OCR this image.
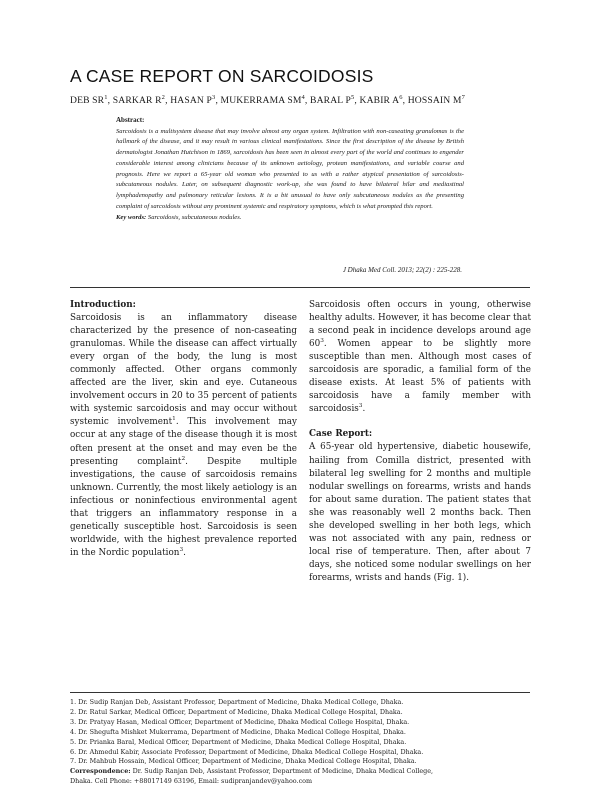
A CASE REPORT ON SARCOIDOSIS
DEB $SR^1$, SARKAR $R^2$, HASAN $P^3$, MUKERRAMA $SM^4$, BARAL $P^5$, KABIR $A^6$, HOSSAIN $M^7$
Abstract:
Sarcoidosis is a multisystem disease that may involve almost any organ system. Infiltration with non-caseating granulomas is the hallmark of the disease, and it may result in various clinical manifestations. Since the first description of the disease by British dermatologist Jonathan Hutchison in 1869, sarcoidosis has been seen in almost every part of the world and continues to engender considerable interest among clinicians because of its unknown aetiology, protean manifestations, and variable course and prognosis. Here we report a 65-year old woman who presented to us with a rather atypical presentation of sarcoidosis- subcutaneous nodules. Later, on subsequent diagnostic work-up, she was found to have bilateral hilar and mediastinal lymphadenopathy and pulmonary reticular lesions. It is a bit unusual to have only subcutaneous nodules as the presenting complaint of sarcoidosis without any prominent systemic and respiratory symptoms, which is what prompted this report.
Key words: Sarcoidosis, subcutaneous nodules.
J Dhaka Med Coll. 2013; 22(2) : 225-228.
Introduction:

Sarcoidosis is an inflammatory disease characterized by the presence of non-caseating granulomas. While the disease can affect virtually every organ of the body, the lung is most commonly affected. Other organs commonly affected are the liver, skin and eye. Cutaneous involvement occurs in 20 to 35 percent of patients with systemic sarcoidosis and may occur without systemic involvement$^1$. This involvement may occur at any stage of the disease though it is most often present at the onset and may even be the presenting complaint$^2$. Despite multiple investigations, the cause of sarcoidosis remains unknown. Currently, the most likely aetiology is an infectious or noninfectious environmental agent that triggers an inflammatory response in a genetically susceptible host. Sarcoidosis is seen worldwide, with the highest prevalence reported in the Nordic population$^3$.

Sarcoidosis often occurs in young, otherwise healthy adults. However, it has become clear that a second peak in incidence develops around age $60^3$. Women appear to be slightly more susceptible than men. Although most cases of sarcoidosis are sporadic, a familial form of the disease exists. At least 5% of patients with sarcoidosis have a family member with sarcoidosis$^3$.

Case Report:

A 65-year old hypertensive, diabetic housewife, hailing from Comilla district, presented with bilateral leg swelling for 2 months and multiple nodular swellings on forearms, wrists and hands for about same duration. The patient states that she was reasonably well 2 months back. Then she developed swelling in her both legs, which was not associated with any pain, redness or local rise of temperature. Then, after about 7 days, she noticed some nodular swellings on her forearms, wrists and hands (Fig. 1).

1. Dr. Sudip Ranjan Deb, Assistant Professor, Department of Medicine, Dhaka Medical College, Dhaka.
2. Dr. Ratul Sarkar, Medical Officer, Department of Medicine, Dhaka Medical College Hospital, Dhaka.
3. Dr. Pratyay Hasan, Medical Officer, Department of Medicine, Dhaka Medical College Hospital, Dhaka.
4. Dr. Shegufta Mishket Mukerrama, Department of Medicine, Dhaka Medical College Hospital, Dhaka.
5. Dr. Prianka Baral, Medical Officer, Department of Medicine, Dhaka Medical College Hospital, Dhaka.
6. Dr. Ahmedul Kabir, Associate Professor, Department of Medicine, Dhaka Medical College Hospital, Dhaka.
7. Dr. Mahbub Hossain, Medical Officer, Department of Medicine, Dhaka Medical College Hospital, Dhaka.
Correspondence: Dr. Sudip Ranjan Deb, Assistant Professor, Department of Medicine, Dhaka Medical College,
Dhaka. Cell Phone: +88017149 63196, Email: sudipranjandev@yahoo.com
